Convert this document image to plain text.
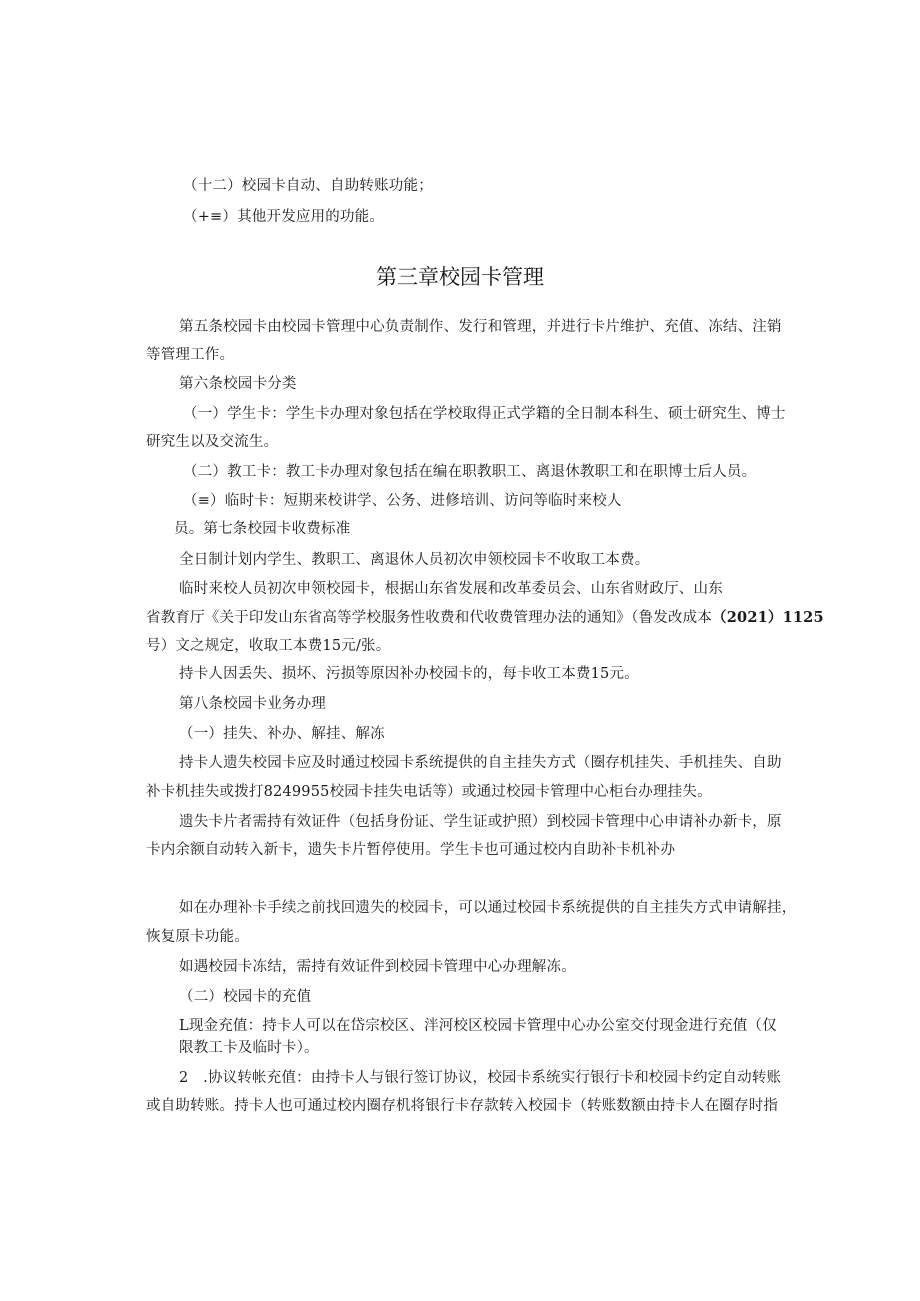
（十二）校园卡自动、自助转账功能；
（+≡）其他开发应用的功能。
第三章校园卡管理
第五条校园卡由校园卡管理中心负责制作、发行和管理，并进行卡片维护、充值、冻结、注销
等管理工作。
第六条校园卡分类
（一）学生卡：学生卡办理对象包括在学校取得正式学籍的全日制本科生、硕士研究生、博士
研究生以及交流生。
（二）教工卡：教工卡办理对象包括在编在职教职工、离退休教职工和在职博士后人员。
（≡）临时卡：短期来校讲学、公务、进修培训、访问等临时来校人
员。第七条校园卡收费标准
全日制计划内学生、教职工、离退休人员初次申领校园卡不收取工本费。
临时来校人员初次申领校园卡，根据山东省发展和改革委员会、山东省财政厅、山东
省教育厅《关于印发山东省高等学校服务性收费和代收费管理办法的通知》（鲁发改成本（2021）1125
号）文之规定，收取工本费15元/张。
持卡人因丢失、损坏、污损等原因补办校园卡的，每卡收工本费15元。
第八条校园卡业务办理
（一）挂失、补办、解挂、解冻
持卡人遗失校园卡应及时通过校园卡系统提供的自主挂失方式（圈存机挂失、手机挂失、自助
补卡机挂失或拨打8249955校园卡挂失电话等）或通过校园卡管理中心柜台办理挂失。
遗失卡片者需持有效证件（包括身份证、学生证或护照）到校园卡管理中心申请补办新卡，原
卡内余额自动转入新卡，遗失卡片暂停使用。学生卡也可通过校内自助补卡机补办
如在办理补卡手续之前找回遗失的校园卡，可以通过校园卡系统提供的自主挂失方式申请解挂，
恢复原卡功能。
如遇校园卡冻结，需持有效证件到校园卡管理中心办理解冻。
（二）校园卡的充值
L现金充值：持卡人可以在岱宗校区、泮河校区校园卡管理中心办公室交付现金进行充值（仅
限教工卡及临时卡）。
2　.协议转帐充值：由持卡人与银行签订协议，校园卡系统实行银行卡和校园卡约定自动转账
或自助转账。持卡人也可通过校内圈存机将银行卡存款转入校园卡（转账数额由持卡人在圈存时指
